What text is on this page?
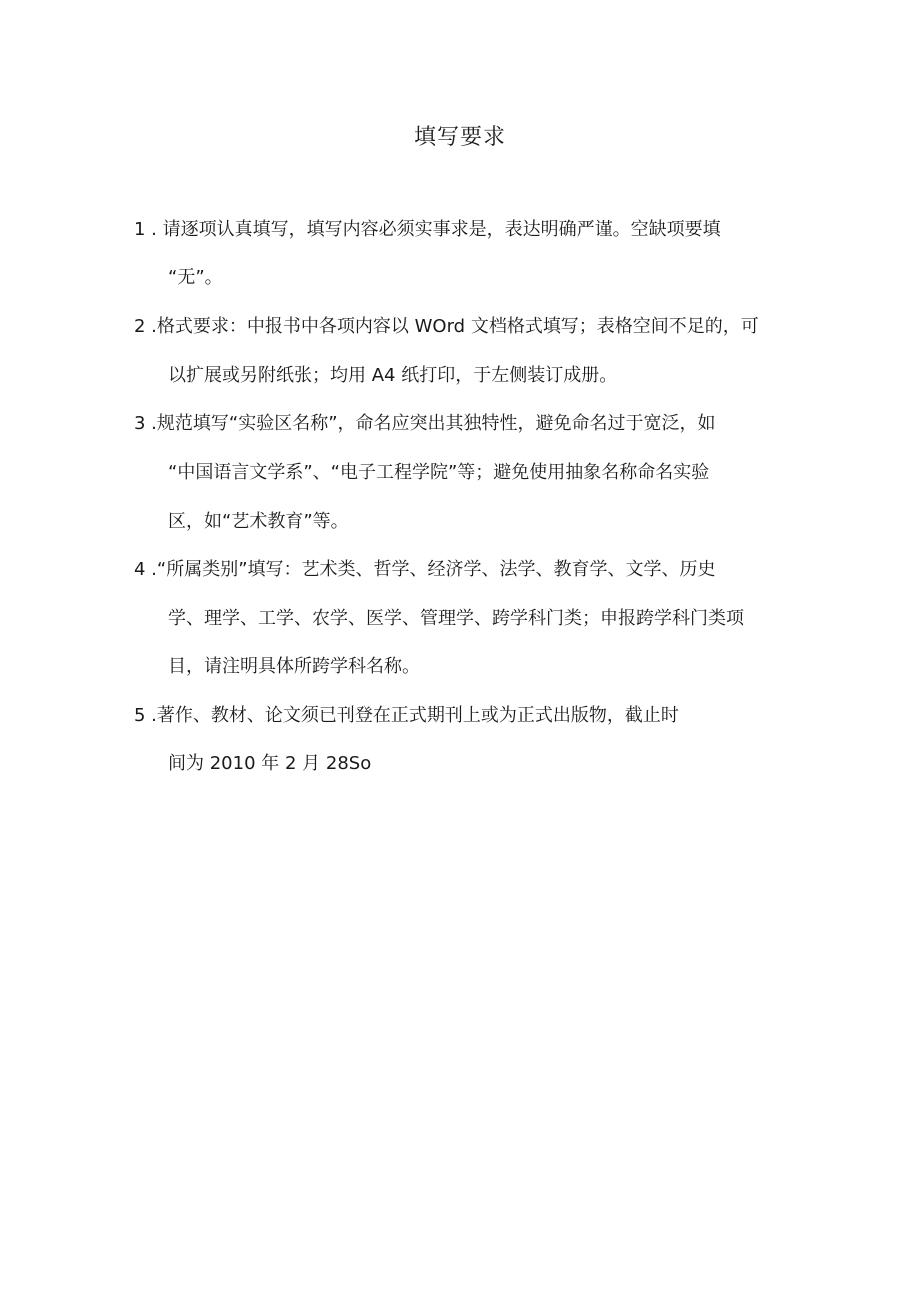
填写要求
1 . 请逐项认真填写，填写内容必须实事求是，表达明确严谨。空缺项要填
“无”。
2 .格式要求：中报书中各项内容以 WOrd 文档格式填写；表格空间不足的，可
以扩展或另附纸张；均用 A4 纸打印，于左侧装订成册。
3 .规范填写“实验区名称”，命名应突出其独特性，避免命名过于宽泛，如
“中国语言文学系”、“电子工程学院”等；避免使用抽象名称命名实验
区，如“艺术教育”等。
4 .“所属类别”填写：艺术类、哲学、经济学、法学、教育学、文学、历史
学、理学、工学、农学、医学、管理学、跨学科门类；申报跨学科门类项
目，请注明具体所跨学科名称。
5 .著作、教材、论文须已刊登在正式期刊上或为正式出版物，截止时
间为 2010 年 2 月 28So
